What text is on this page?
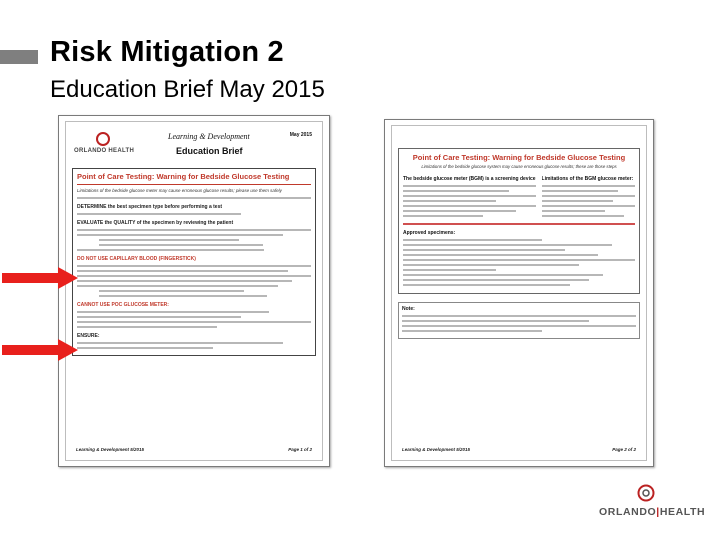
Risk Mitigation 2
Education Brief May 2015
ORLANDO HEALTH
Learning & Development
Education Brief
May 2015
Point of Care Testing: Warning for Bedside Glucose Testing
Limitations of the bedside glucose meter may cause erroneous glucose results; please use them safely
DETERMINE the best specimen type before performing a test
EVALUATE the QUALITY of the specimen by reviewing the patient
DO NOT USE CAPILLARY BLOOD (FINGERSTICK)
CANNOT USE POC GLUCOSE METER:
ENSURE:
Learning & Development 5/2015	Page 1 of 2
Point of Care Testing: Warning for Bedside Glucose Testing
Limitations of the bedside glucose system may cause erroneous glucose results; these are those steps
The bedside glucose meter (BGM) is a screening device Limitations of the BGM glucose meter:
Approved specimens:
Note:
Learning & Development 5/2015	Page 2 of 2
ORLANDO|HEALTH
